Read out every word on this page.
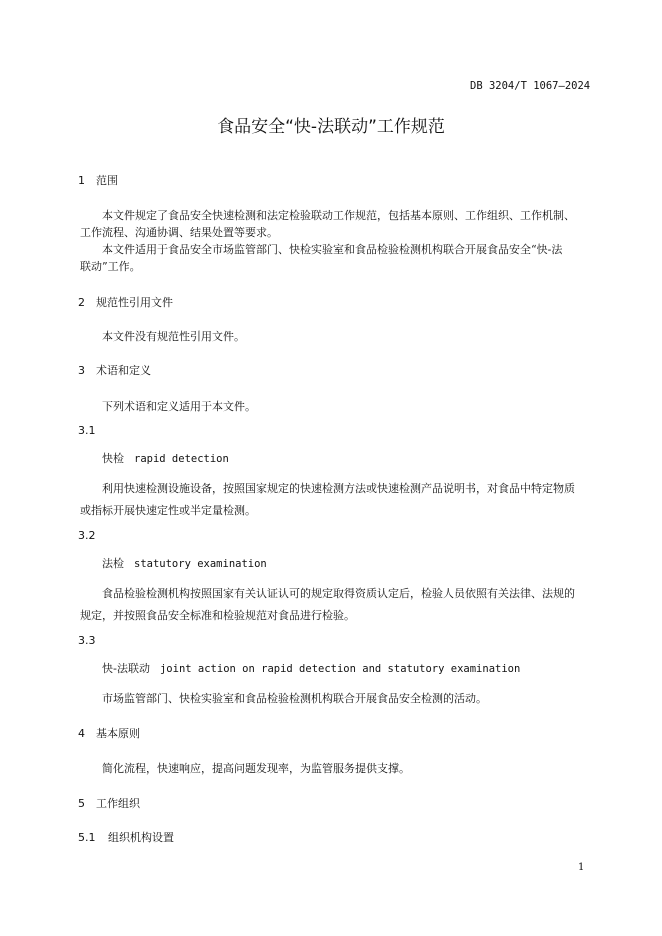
DB 3204/T 1067—2024
食品安全“快-法联动”工作规范
1 范围
本文件规定了食品安全快速检测和法定检验联动工作规范，包括基本原则、工作组织、工作机制、
工作流程、沟通协调、结果处置等要求。
本文件适用于食品安全市场监管部门、快检实验室和食品检验检测机构联合开展食品安全“快-法
联动”工作。
2 规范性引用文件
本文件没有规范性引用文件。
3 术语和定义
下列术语和定义适用于本文件。
3.1
快检 rapid detection
利用快速检测设施设备，按照国家规定的快速检测方法或快速检测产品说明书，对食品中特定物质
或指标开展快速定性或半定量检测。
3.2
法检 statutory examination
食品检验检测机构按照国家有关认证认可的规定取得资质认定后，检验人员依照有关法律、法规的
规定，并按照食品安全标准和检验规范对食品进行检验。
3.3
快-法联动 joint action on rapid detection and statutory examination
市场监管部门、快检实验室和食品检验检测机构联合开展食品安全检测的活动。
4 基本原则
简化流程，快速响应，提高问题发现率，为监管服务提供支撑。
5 工作组织
5.1 组织机构设置
1
